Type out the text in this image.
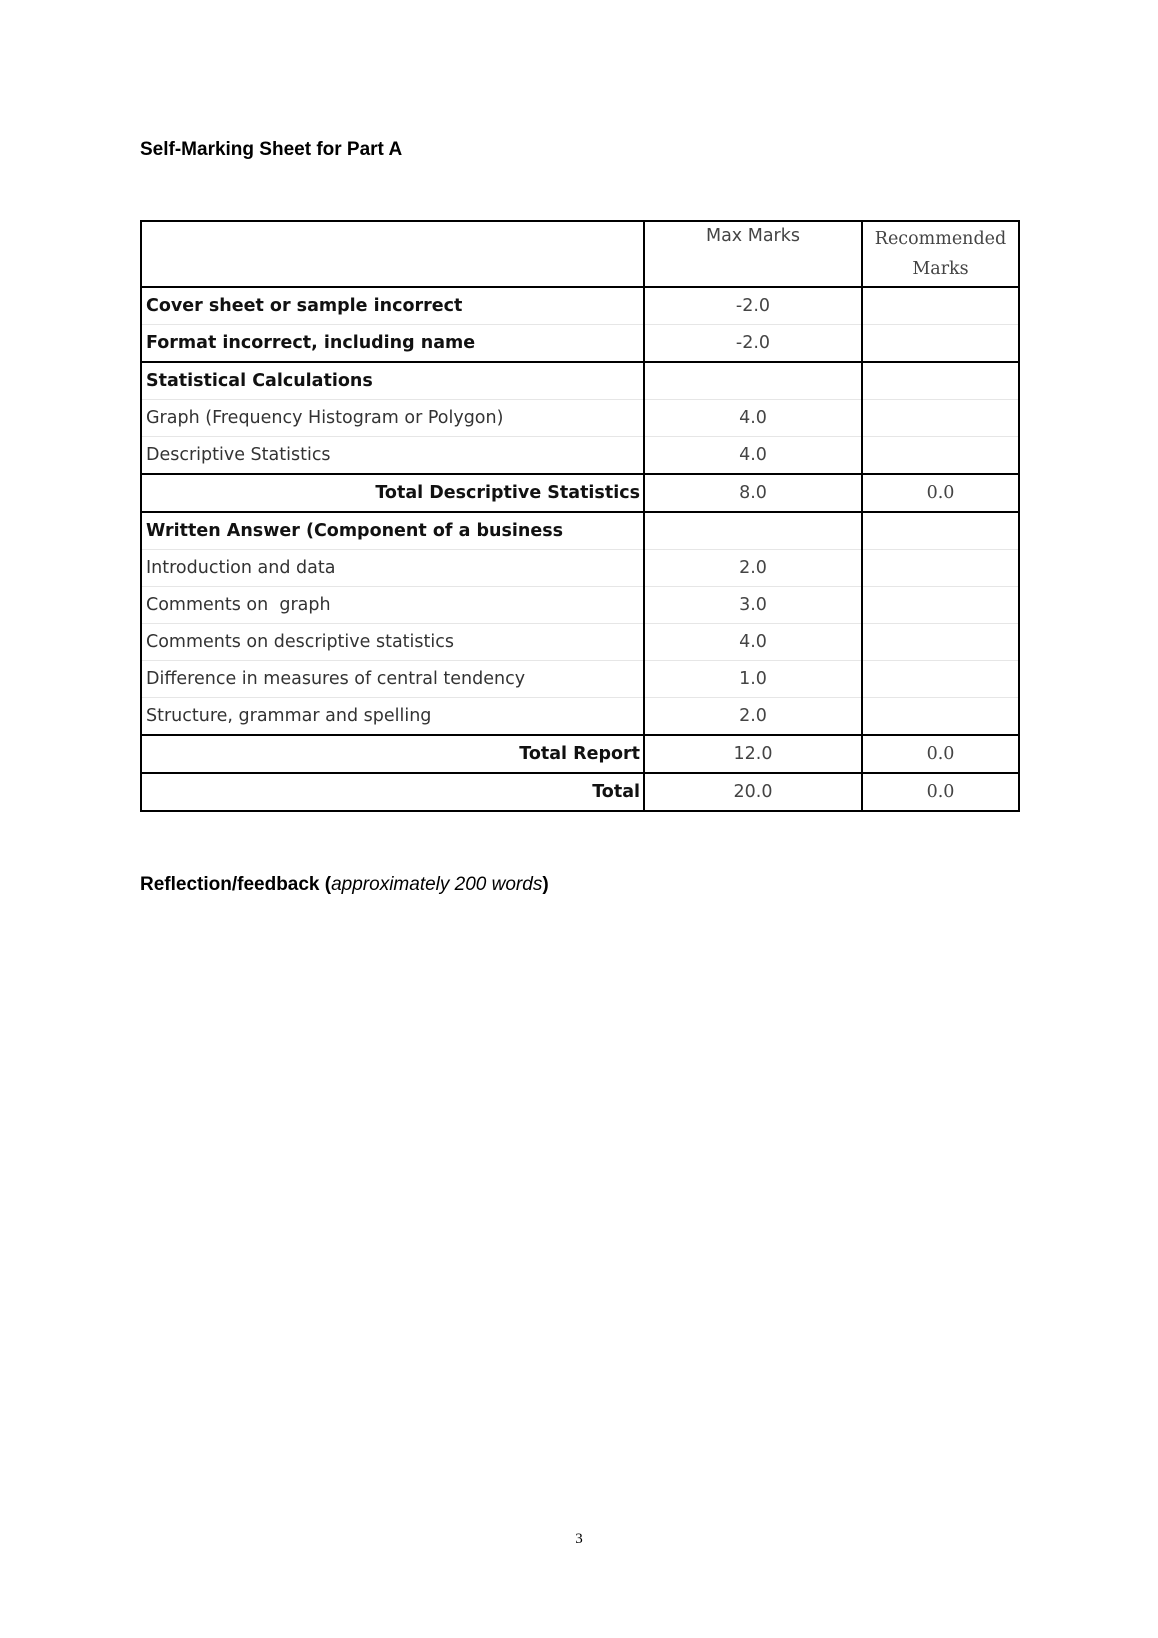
Self-Marking Sheet for Part A
	Max Marks	Recommended Marks
Cover sheet or sample incorrect	-2.0	
Format incorrect, including name	-2.0	
Statistical Calculations		
Graph (Frequency Histogram or Polygon)	4.0	
Descriptive Statistics	4.0	
Total Descriptive Statistics	8.0	0.0
Written Answer (Component of a business		
Introduction and data	2.0	
Comments on  graph	3.0	
Comments on descriptive statistics	4.0	
Difference in measures of central tendency	1.0	
Structure, grammar and spelling	2.0	
Total Report	12.0	0.0
Total	20.0	0.0
Reflection/feedback (approximately 200 words)
3
